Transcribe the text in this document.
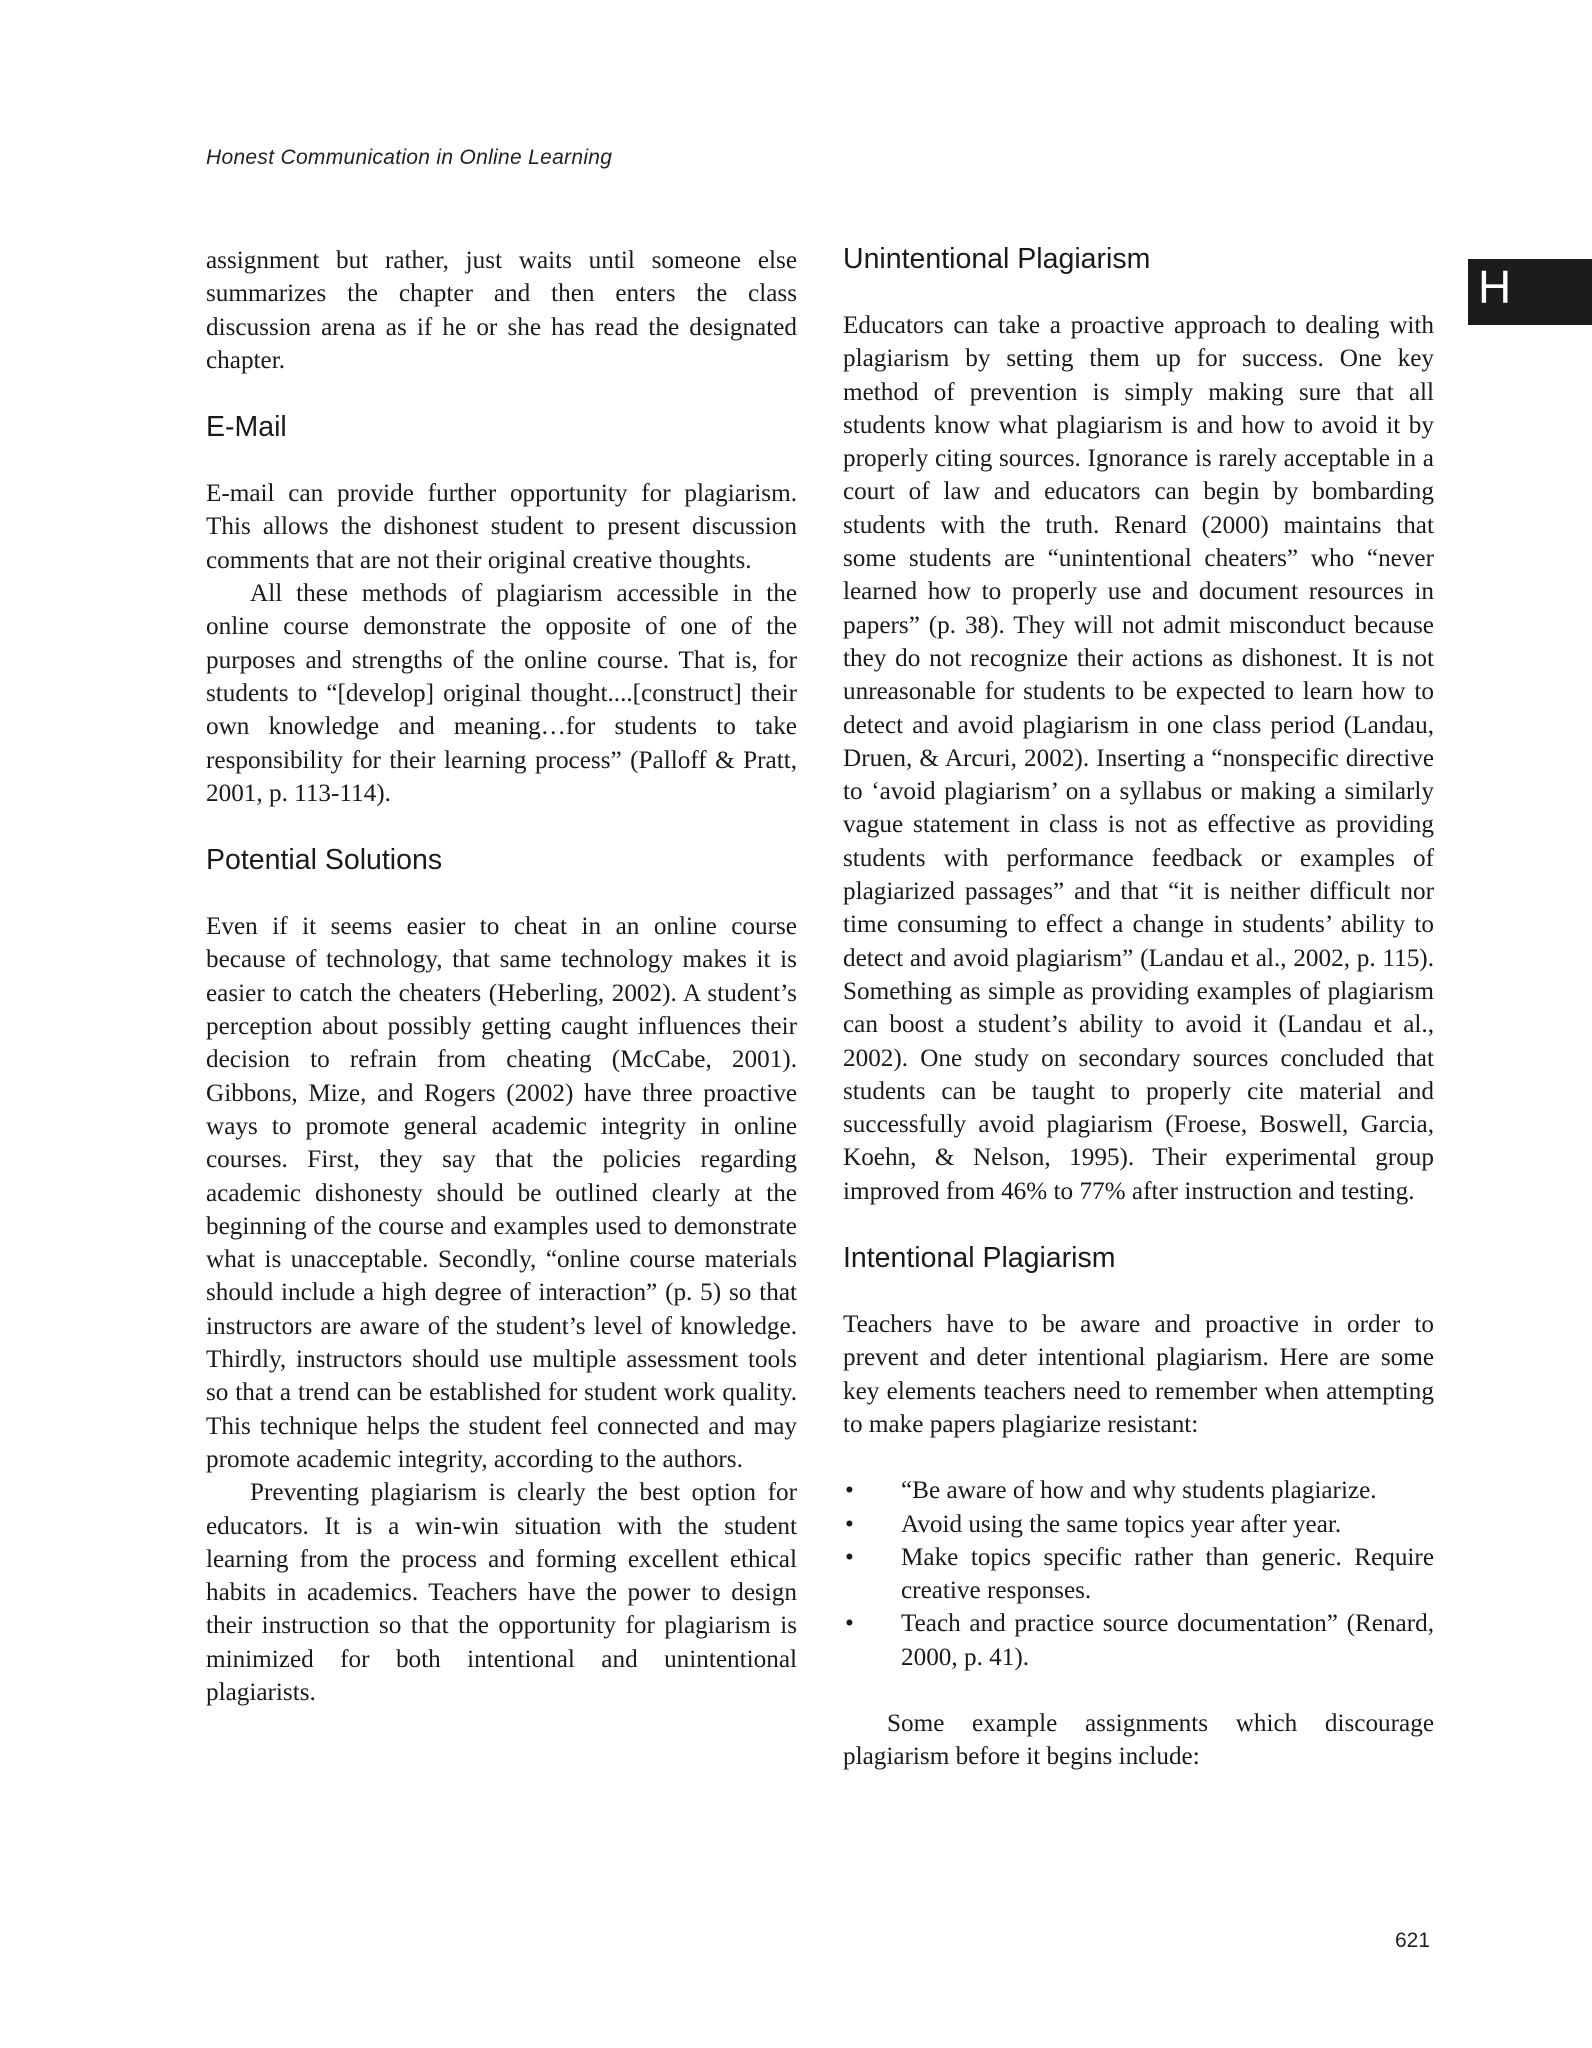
Honest Communication in Online Learning
H

assignment but rather, just waits until someone else summarizes the chapter and then enters the class discussion arena as if he or she has read the designated chapter.

E-Mail

E-mail can provide further opportunity for plagiarism. This allows the dishonest student to present discussion comments that are not their original creative thoughts.

All these methods of plagiarism accessible in the online course demonstrate the opposite of one of the purposes and strengths of the online course. That is, for students to “[develop] original thought....[construct] their own knowledge and meaning…for students to take responsibility for their learning process” (Palloff & Pratt, 2001, p. 113-114).

Potential Solutions

Even if it seems easier to cheat in an online course because of technology, that same technology makes it is easier to catch the cheaters (Heberling, 2002). A student’s perception about possibly getting caught influences their decision to refrain from cheating (McCabe, 2001). Gibbons, Mize, and Rogers (2002) have three proactive ways to promote general academic integrity in online courses. First, they say that the policies regarding academic dishonesty should be outlined clearly at the beginning of the course and examples used to demonstrate what is unacceptable. Secondly, “online course materials should include a high degree of interaction” (p. 5) so that instructors are aware of the student’s level of knowledge. Thirdly, instructors should use multiple assessment tools so that a trend can be established for student work quality. This technique helps the student feel connected and may promote academic integrity, according to the authors.

Preventing plagiarism is clearly the best option for educators. It is a win-win situation with the student learning from the process and forming excellent ethical habits in academics. Teachers have the power to design their instruction so that the opportunity for plagiarism is minimized for both intentional and unintentional plagiarists.

Unintentional Plagiarism

Educators can take a proactive approach to dealing with plagiarism by setting them up for success. One key method of prevention is simply making sure that all students know what plagiarism is and how to avoid it by properly citing sources. Ignorance is rarely acceptable in a court of law and educators can begin by bombarding students with the truth. Renard (2000) maintains that some students are “unintentional cheaters” who “never learned how to properly use and document resources in papers” (p. 38). They will not admit misconduct because they do not recognize their actions as dishonest. It is not unreasonable for students to be expected to learn how to detect and avoid plagiarism in one class period (Landau, Druen, & Arcuri, 2002). Inserting a “nonspecific directive to ‘avoid plagiarism’ on a syllabus or making a similarly vague statement in class is not as effective as providing students with performance feedback or examples of plagiarized passages” and that “it is neither difficult nor time consuming to effect a change in students’ ability to detect and avoid plagiarism” (Landau et al., 2002, p. 115). Something as simple as providing examples of plagiarism can boost a student’s ability to avoid it (Landau et al., 2002). One study on secondary sources concluded that students can be taught to properly cite material and successfully avoid plagiarism (Froese, Boswell, Garcia, Koehn, & Nelson, 1995). Their experimental group improved from 46% to 77% after instruction and testing.

Intentional Plagiarism

Teachers have to be aware and proactive in order to prevent and deter intentional plagiarism. Here are some key elements teachers need to remember when attempting to make papers plagiarize resistant:

• “Be aware of how and why students plagiarize.
• Avoid using the same topics year after year.
• Make topics specific rather than generic. Require creative responses.
• Teach and practice source documentation” (Renard, 2000, p. 41).

Some example assignments which discourage plagiarism before it begins include:

621
